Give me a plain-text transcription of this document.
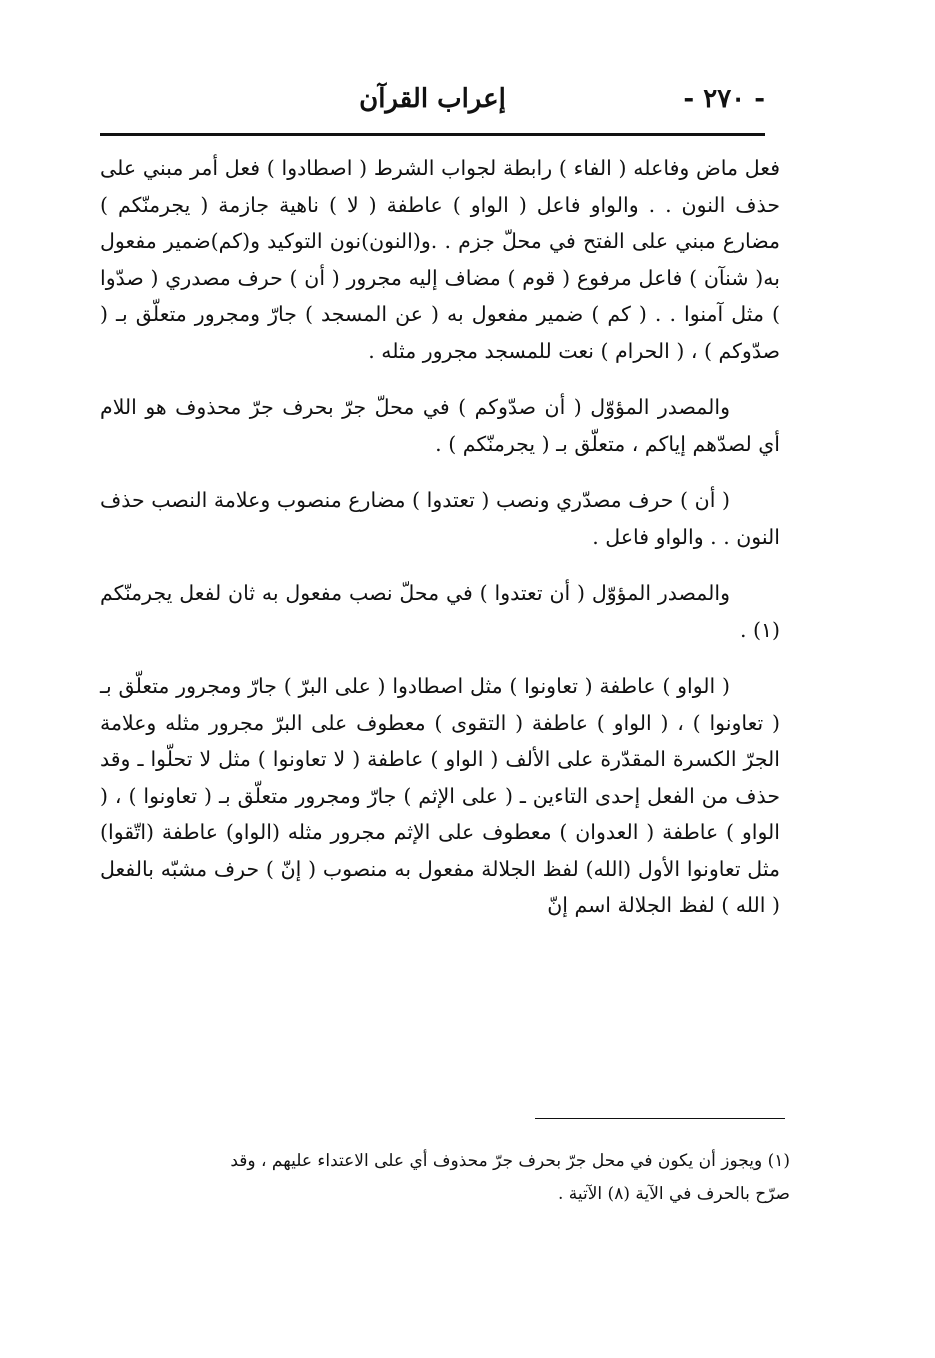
- ٢٧٠ -
إعراب القرآن

فعل ماض وفاعله ( الفاء ) رابطة لجواب الشرط ( اصطادوا ) فعل أمر مبني على حذف النون . . والواو فاعل ( الواو ) عاطفة ( لا ) ناهية جازمة ( يجرمنّكم ) مضارع مبني على الفتح في محلّ جزم . .و(النون)نون التوكيد و(كم)ضمير مفعول به( شنآن ) فاعل مرفوع ( قوم ) مضاف إليه مجرور ( أن ) حرف مصدري ( صدّوا ) مثل آمنوا . . ( كم ) ضمير مفعول به ( عن المسجد ) جارّ ومجرور متعلّق بـ ( صدّوكم ) ، ( الحرام ) نعت للمسجد مجرور مثله .

والمصدر المؤوّل ( أن صدّوكم ) في محلّ جرّ بحرف جرّ محذوف هو اللام أي لصدّهم إياكم ، متعلّق بـ ( يجرمنّكم ) .

( أن ) حرف مصدّري ونصب ( تعتدوا ) مضارع منصوب وعلامة النصب حذف النون . . والواو فاعل .

والمصدر المؤوّل ( أن تعتدوا ) في محلّ نصب مفعول به ثان لفعل يجرمنّكم (١) .

( الواو ) عاطفة ( تعاونوا ) مثل اصطادوا ( على البرّ ) جارّ ومجرور متعلّق بـ ( تعاونوا ) ، ( الواو ) عاطفة ( التقوى ) معطوف على البرّ مجرور مثله وعلامة الجرّ الكسرة المقدّرة على الألف ( الواو ) عاطفة ( لا تعاونوا ) مثل لا تحلّوا ـ وقد حذف من الفعل إحدى التاءين ـ ( على الإثم ) جارّ ومجرور متعلّق بـ ( تعاونوا ) ، ( الواو ) عاطفة ( العدوان ) معطوف على الإثم مجرور مثله (الواو) عاطفة (اتّقوا) مثل تعاونوا الأول (الله) لفظ الجلالة مفعول به منصوب ( إنّ ) حرف مشبّه بالفعل ( الله ) لفظ الجلالة اسم إنّ

(١) ويجوز أن يكون في محل جرّ بحرف جرّ محذوف أي على الاعتداء عليهم ، وقد

صرّح بالحرف في الآية (٨) الآتية .
